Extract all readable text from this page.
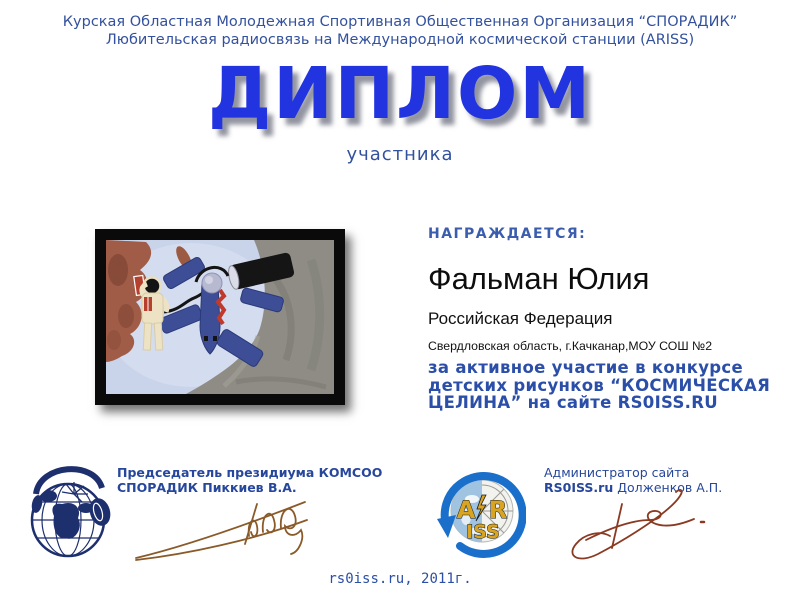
Курская Областная Молодежная Спортивная Общественная Организация “СПОРАДИК”
Любительская радиосвязь на Международной космической станции (ARISS)
ДИПЛОМ
участника
НАГРАЖДАЕТСЯ:
Фальман Юлия
Российская Федерация
Свердловская область, г.Качканар,МОУ СОШ №2
за активное участие в конкурсе
детских рисунков “КОСМИЧЕСКАЯ
ЦЕЛИНА” на сайте RS0ISS.RU
Председатель президиума КОМСОО
СПОРАДИК Пиккиев В.А.
A R
ISS
Администратор сайта
RS0ISS.ru Долженков А.П.
rs0iss.ru, 2011г.
